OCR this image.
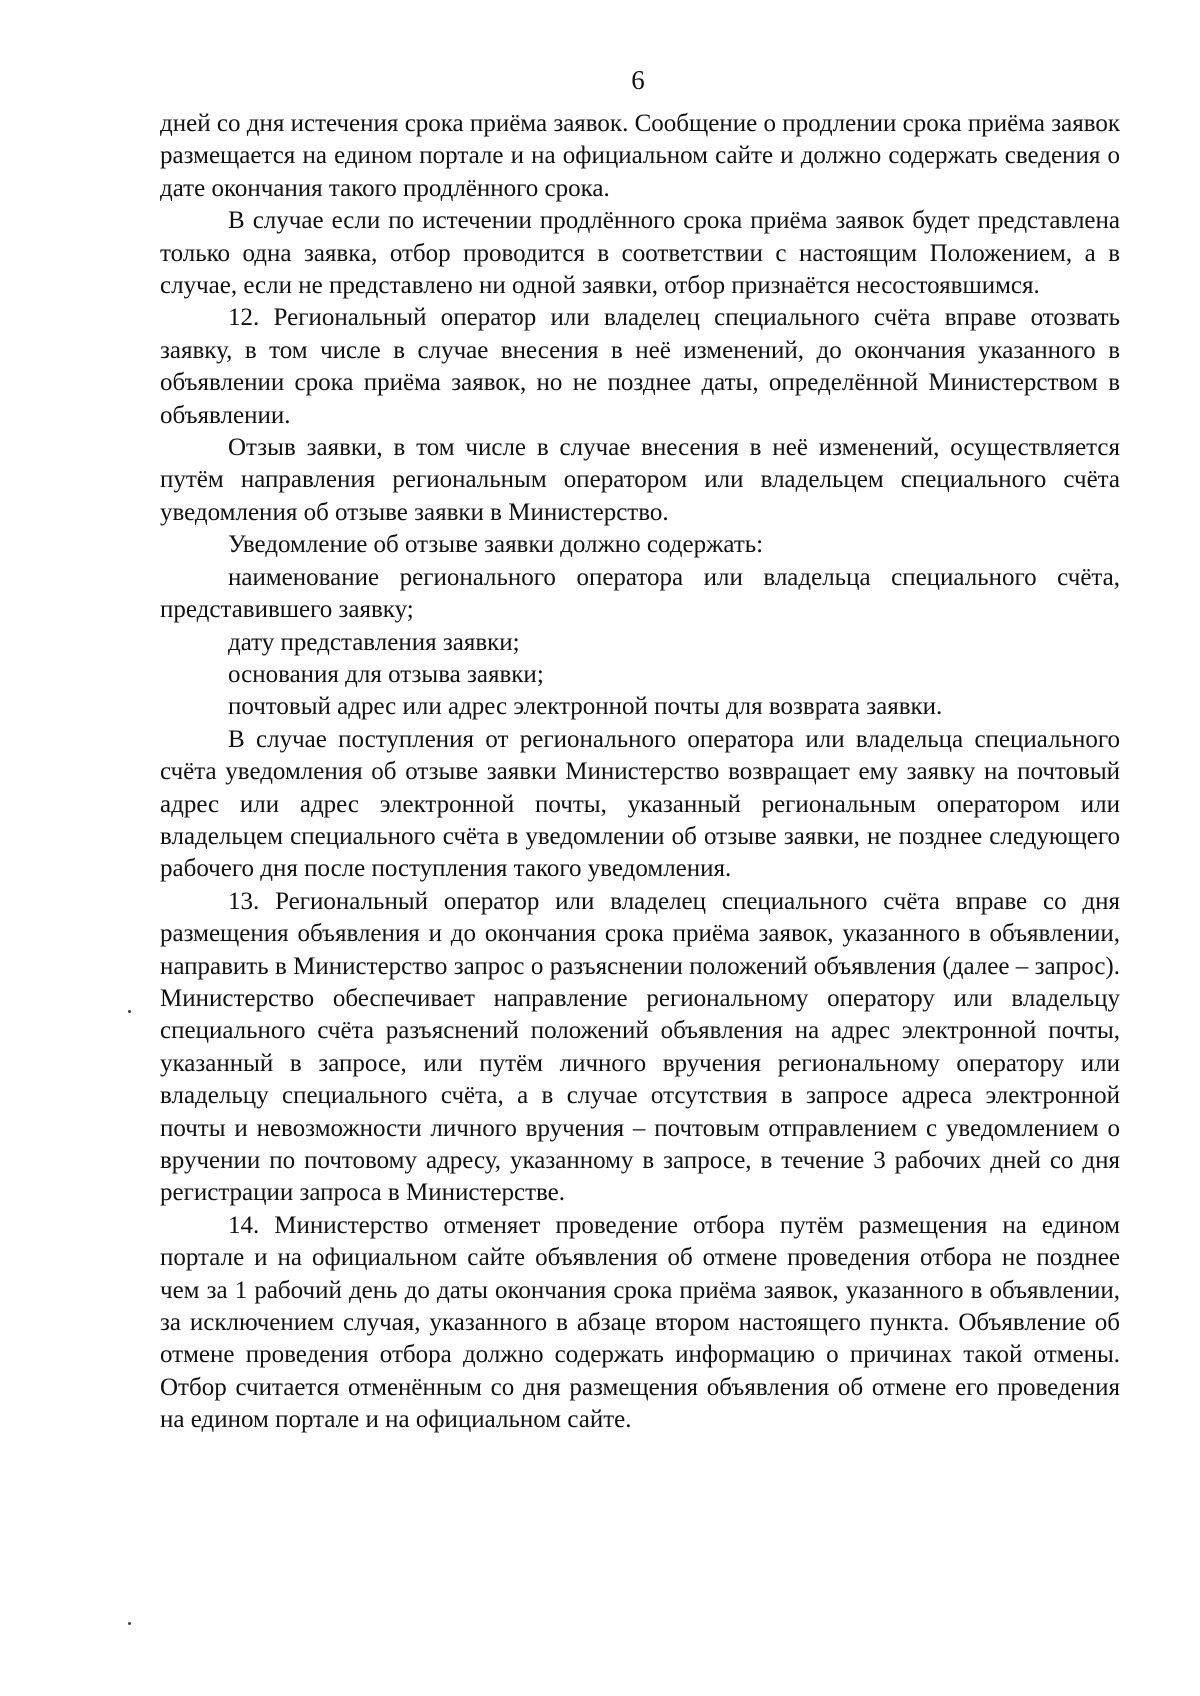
6

дней со дня истечения срока приёма заявок. Сообщение о продлении срока приёма заявок размещается на едином портале и на официальном сайте и должно содержать сведения о дате окончания такого продлённого срока.

В случае если по истечении продлённого срока приёма заявок будет представлена только одна заявка, отбор проводится в соответствии с настоящим Положением, а в случае, если не представлено ни одной заявки, отбор признаётся несостоявшимся.

12. Региональный оператор или владелец специального счёта вправе отозвать заявку, в том числе в случае внесения в неё изменений, до окончания указанного в объявлении срока приёма заявок, но не позднее даты, определённой Министерством в объявлении.

Отзыв заявки, в том числе в случае внесения в неё изменений, осуществляется путём направления региональным оператором или владельцем специального счёта уведомления об отзыве заявки в Министерство.

Уведомление об отзыве заявки должно содержать:

наименование регионального оператора или владельца специального счёта, представившего заявку;

дату представления заявки;

основания для отзыва заявки;

почтовый адрес или адрес электронной почты для возврата заявки.

В случае поступления от регионального оператора или владельца специального счёта уведомления об отзыве заявки Министерство возвращает ему заявку на почтовый адрес или адрес электронной почты, указанный региональным оператором или владельцем специального счёта в уведомлении об отзыве заявки, не позднее следующего рабочего дня после поступления такого уведомления.

13. Региональный оператор или владелец специального счёта вправе со дня размещения объявления и до окончания срока приёма заявок, указанного в объявлении, направить в Министерство запрос о разъяснении положений объявления (далее – запрос). Министерство обеспечивает направление региональному оператору или владельцу специального счёта разъяснений положений объявления на адрес электронной почты, указанный в запросе, или путём личного вручения региональному оператору или владельцу специального счёта, а в случае отсутствия в запросе адреса электронной почты и невозможности личного вручения – почтовым отправлением с уведомлением о вручении по почтовому адресу, указанному в запросе, в течение 3 рабочих дней со дня регистрации запроса в Министерстве.

14. Министерство отменяет проведение отбора путём размещения на едином портале и на официальном сайте объявления об отмене проведения отбора не позднее чем за 1 рабочий день до даты окончания срока приёма заявок, указанного в объявлении, за исключением случая, указанного в абзаце втором настоящего пункта. Объявление об отмене проведения отбора должно содержать информацию о причинах такой отмены. Отбор считается отменённым со дня размещения объявления об отмене его проведения на едином портале и на официальном сайте.
